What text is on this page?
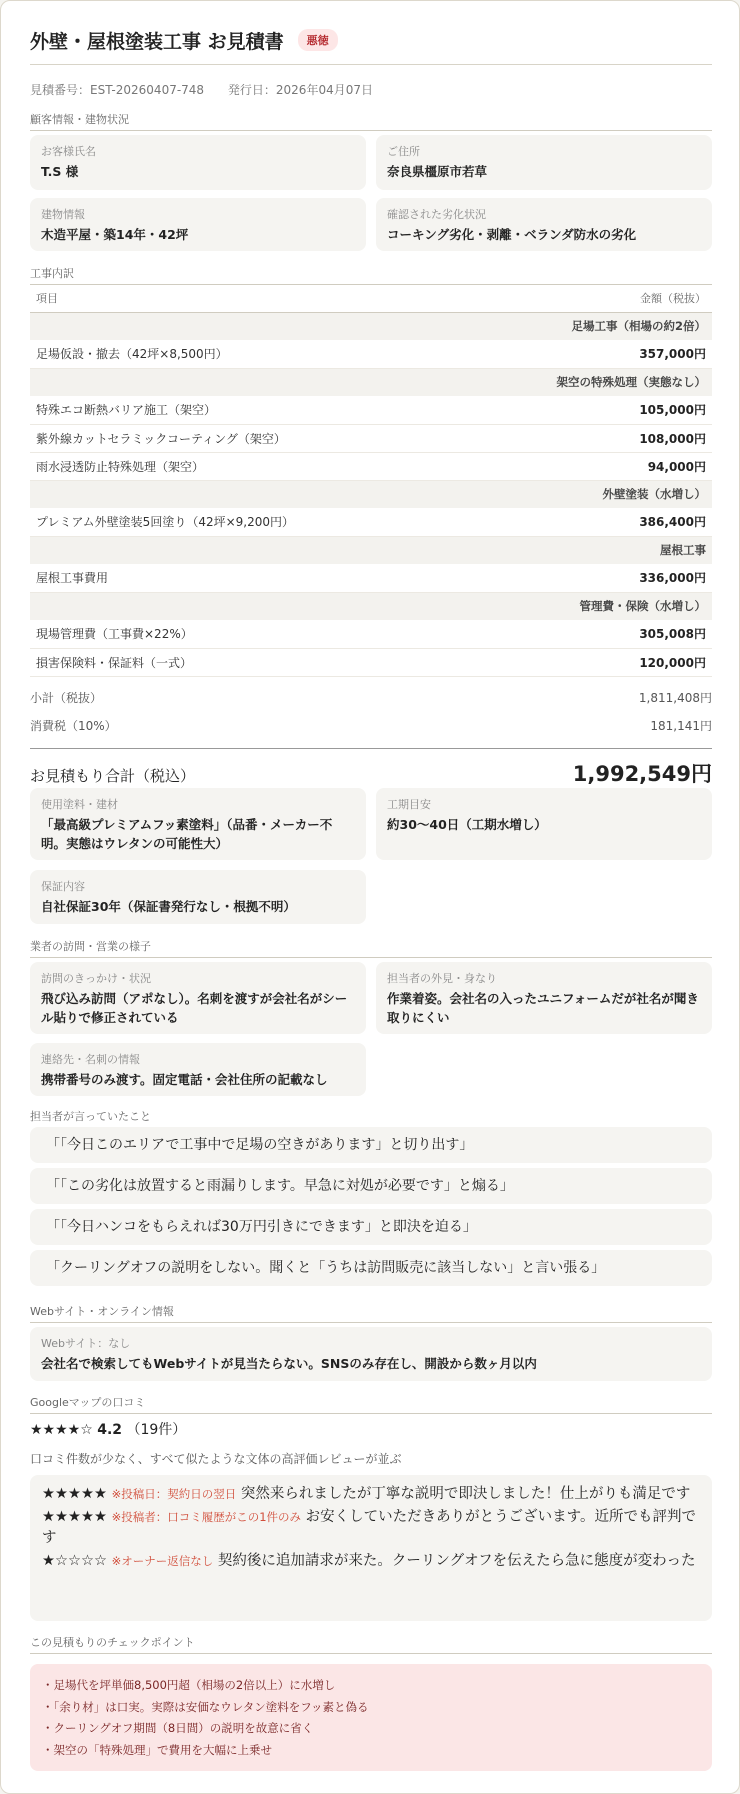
外壁・屋根塗装工事 お見積書	悪徳
見積番号：EST-20260407-748 発行日：2026年04月07日
顧客情報・建物状況
お客様氏名
T.S 様
ご住所
奈良県橿原市若草
建物情報
木造平屋・築14年・42坪
確認された劣化状況
コーキング劣化・剥離・ベランダ防水の劣化
工事内訳
項目	金額（税抜）
足場工事（相場の約2倍）	
足場仮設・撤去（42坪×8,500円）	357,000円
架空の特殊処理（実態なし）	
特殊エコ断熱バリア施工（架空）	105,000円
紫外線カットセラミックコーティング（架空）	108,000円
雨水浸透防止特殊処理（架空）	94,000円
外壁塗装（水増し）	
プレミアム外壁塗装5回塗り（42坪×9,200円）	386,400円
屋根工事	
屋根工事費用	336,000円
管理費・保険（水増し）	
現場管理費（工事費×22%）	305,008円
損害保険料・保証料（一式）	120,000円
小計（税抜）	1,811,408円
消費税（10%）	181,141円
お見積もり合計（税込）	1,992,549円
使用塗料・建材
「最高級プレミアムフッ素塗料」（品番・メーカー不明。実態はウレタンの可能性大）
工期目安
約30〜40日（工期水増し）
保証内容
自社保証30年（保証書発行なし・根拠不明）
業者の訪問・営業の様子
訪問のきっかけ・状況
飛び込み訪問（アポなし）。名刺を渡すが会社名がシール貼りで修正されている
担当者の外見・身なり
作業着姿。会社名の入ったユニフォームだが社名が聞き取りにくい
連絡先・名刺の情報
携帯番号のみ渡す。固定電話・会社住所の記載なし
担当者が言っていたこと
「「今日このエリアで工事中で足場の空きがあります」と切り出す」
「「この劣化は放置すると雨漏りします。早急に対処が必要です」と煽る」
「「今日ハンコをもらえれば30万円引きにできます」と即決を迫る」
「クーリングオフの説明をしない。聞くと「うちは訪問販売に該当しない」と言い張る」
Webサイト・オンライン情報
Webサイト：なし
会社名で検索してもWebサイトが見当たらない。SNSのみ存在し、開設から数ヶ月以内
Googleマップの口コミ
★★★★☆ 4.2 （19件）
口コミ件数が少なく、すべて似たような文体の高評価レビューが並ぶ
★★★★★ ※投稿日：契約日の翌日 突然来られましたが丁寧な説明で即決しました！仕上がりも満足です
★★★★★ ※投稿者：口コミ履歴がこの1件のみ お安くしていただきありがとうございます。近所でも評判です
★☆☆☆☆ ※オーナー返信なし 契約後に追加請求が来た。クーリングオフを伝えたら急に態度が変わった
この見積もりのチェックポイント
・足場代を坪単価8,500円超（相場の2倍以上）に水増し
・「余り材」は口実。実際は安価なウレタン塗料をフッ素と偽る
・クーリングオフ期間（8日間）の説明を故意に省く
・架空の「特殊処理」で費用を大幅に上乗せ
